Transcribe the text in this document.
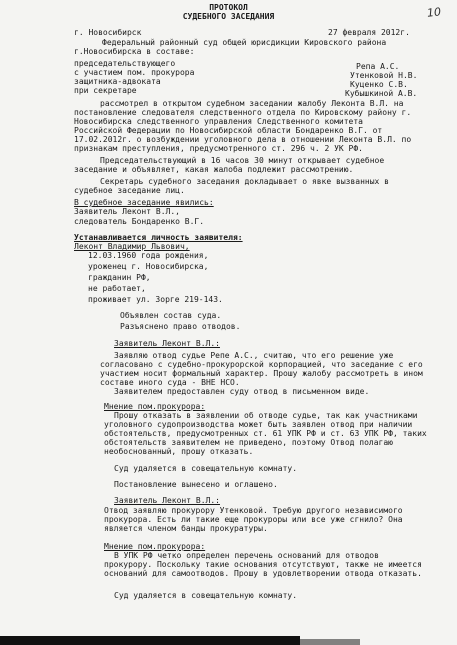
10
ПРОТОКОЛ
СУДЕБНОГО ЗАСЕДАНИЯ
г. Новосибирск	27 февраля 2012г.
Федеральный районный суд общей юрисдикции Кировского района
г.Новосибирска в составе:
председательствующего	Репа А.С.
с участием пом. прокурора	Утенковой Н.В.
защитника-адвоката	Куценко С.В.
при секретаре	Кубышкиной А.В.
рассмотрел в открытом судебном заседании жалобу Леконта В.Л. на
постановление следователя следственного отдела по Кировскому району г.
Новосибирска следственного управления Следственного комитета
Российской Федерации по Новосибирской области Бондаренко В.Г. от
17.02.2012г. о возбуждении уголовного дела в отношении Леконта В.Л. по
признакам преступления, предусмотренного ст. 296 ч. 2 УК РФ.
Председательствующий в 16 часов 30 минут открывает судебное
заседание и объявляет, какая жалоба подлежит рассмотрению.
Секретарь судебного заседания докладывает о явке вызванных в
судебное заседание лиц.
В судебное заседание явились:
Заявитель Леконт В.Л.,
следователь Бондаренко В.Г.
Устанавливается личность заявителя:
Леконт Владимир Львович,
12.03.1960 года рождения,
уроженец г. Новосибирска,
гражданин РФ,
не работает,
проживает ул. Зорге 219-143.
Объявлен состав суда.
Разъяснено право отводов.
Заявитель Леконт В.Л.:
Заявляю отвод судье Репе А.С., считаю, что его решение уже
согласовано с судебно-прокурорской корпорацией, что заседание с его
участием носит формальный характер. Прошу жалобу рассмотреть в ином
составе иного суда - ВНЕ НСО.
Заявителем предоставлен суду отвод в письменном виде.
Мнение пом.прокурора:
Прошу отказать в заявлении об отводе судье, так как участниками
уголовного судопроизводства может быть заявлен отвод при наличии
обстоятельств, предусмотренных ст. 61 УПК РФ и ст. 63 УПК РФ, таких
обстоятельств заявителем не приведено, поэтому Отвод полагаю
необоснованный, прошу отказать.
Суд удаляется в совещательную комнату.
Постановление вынесено и оглашено.
Заявитель Леконт В.Л.:
Отвод заявляю прокурору Утенковой. Требую другого независимого
прокурора. Есть ли такие еще прокуроры или все уже сгнило? Она
является членом банды прокуратуры.
Мнение пом.прокурора:
В УПК РФ четко определен перечень оснований для отводов
прокурору. Поскольку такие основания отсутствуют, также не имеется
оснований для самоотводов. Прошу в удовлетворении отвода отказать.
Суд удаляется в совещательную комнату.
